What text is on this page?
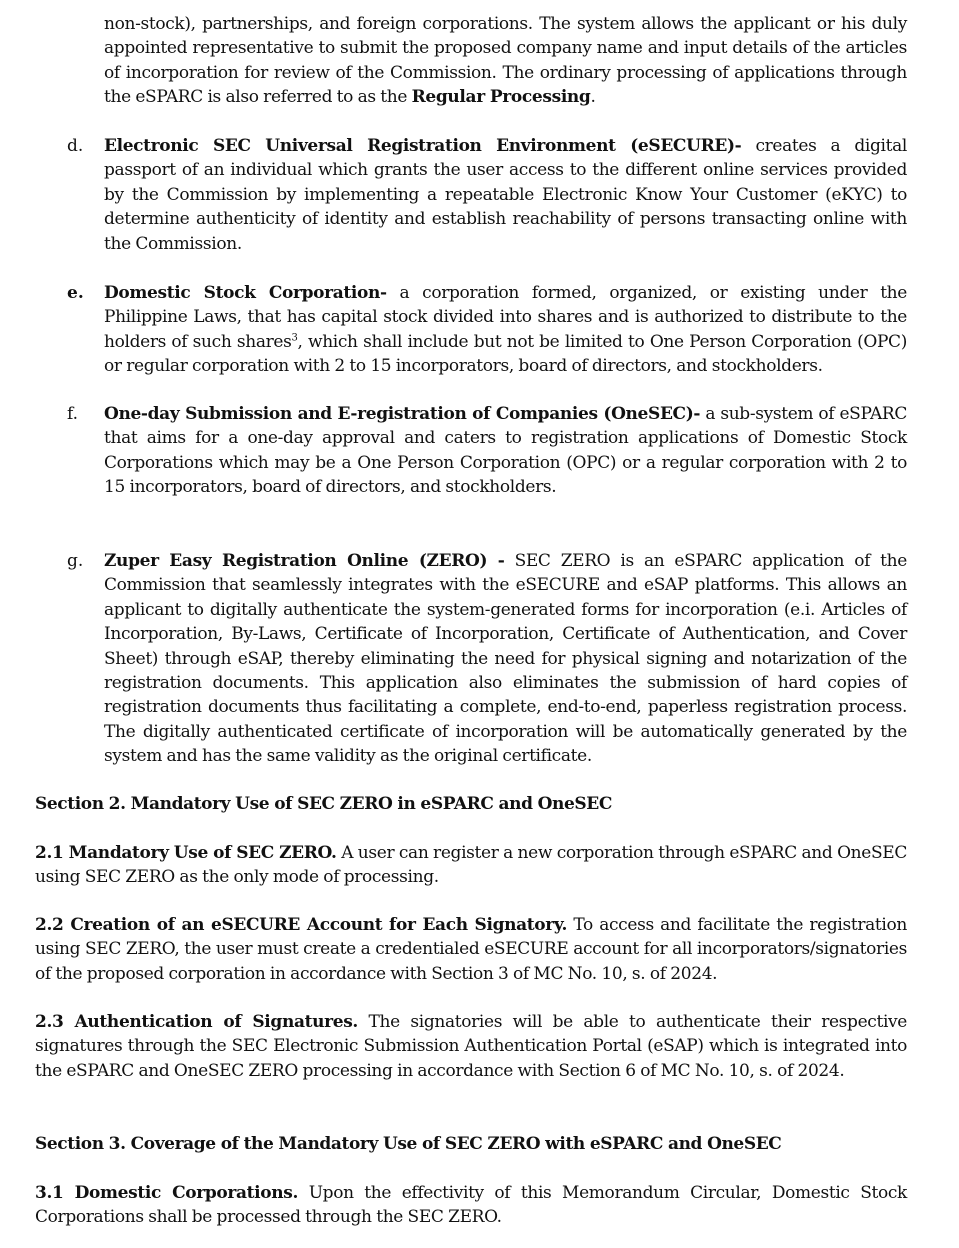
non-stock), partnerships, and foreign corporations. The system allows the applicant or his duly appointed representative to submit the proposed company name and input details of the articles of incorporation for review of the Commission. The ordinary processing of applications through the eSPARC is also referred to as the Regular Processing.

d.	Electronic SEC Universal Registration Environment (eSECURE)- creates a digital passport of an individual which grants the user access to the different online services provided by the Commission by implementing a repeatable Electronic Know Your Customer (eKYC) to determine authenticity of identity and establish reachability of persons transacting online with the Commission.

e.	Domestic Stock Corporation- a corporation formed, organized, or existing under the Philippine Laws, that has capital stock divided into shares and is authorized to distribute to the holders of such shares$^3$, which shall include but not be limited to One Person Corporation (OPC) or regular corporation with 2 to 15 incorporators, board of directors, and stockholders.

f.	One-day Submission and E-registration of Companies (OneSEC)- a sub-system of eSPARC that aims for a one-day approval and caters to registration applications of Domestic Stock Corporations which may be a One Person Corporation (OPC) or a regular corporation with 2 to 15 incorporators, board of directors, and stockholders.

g.	Zuper Easy Registration Online (ZERO) - SEC ZERO is an eSPARC application of the Commission that seamlessly integrates with the eSECURE and eSAP platforms. This allows an applicant to digitally authenticate the system-generated forms for incorporation (e.i. Articles of Incorporation, By-Laws, Certificate of Incorporation, Certificate of Authentication, and Cover Sheet) through eSAP, thereby eliminating the need for physical signing and notarization of the registration documents. This application also eliminates the submission of hard copies of registration documents thus facilitating a complete, end-to-end, paperless registration process. The digitally authenticated certificate of incorporation will be automatically generated by the system and has the same validity as the original certificate.

Section 2. Mandatory Use of SEC ZERO in eSPARC and OneSEC

2.1 Mandatory Use of SEC ZERO. A user can register a new corporation through eSPARC and OneSEC using SEC ZERO as the only mode of processing.

2.2 Creation of an eSECURE Account for Each Signatory. To access and facilitate the registration using SEC ZERO, the user must create a credentialed eSECURE account for all incorporators/signatories of the proposed corporation in accordance with Section 3 of MC No. 10, s. of 2024.

2.3 Authentication of Signatures. The signatories will be able to authenticate their respective signatures through the SEC Electronic Submission Authentication Portal (eSAP) which is integrated into the eSPARC and OneSEC ZERO processing in accordance with Section 6 of MC No. 10, s. of 2024.

Section 3. Coverage of the Mandatory Use of SEC ZERO with eSPARC and OneSEC

3.1 Domestic Corporations. Upon the effectivity of this Memorandum Circular, Domestic Stock Corporations shall be processed through the SEC ZERO.
